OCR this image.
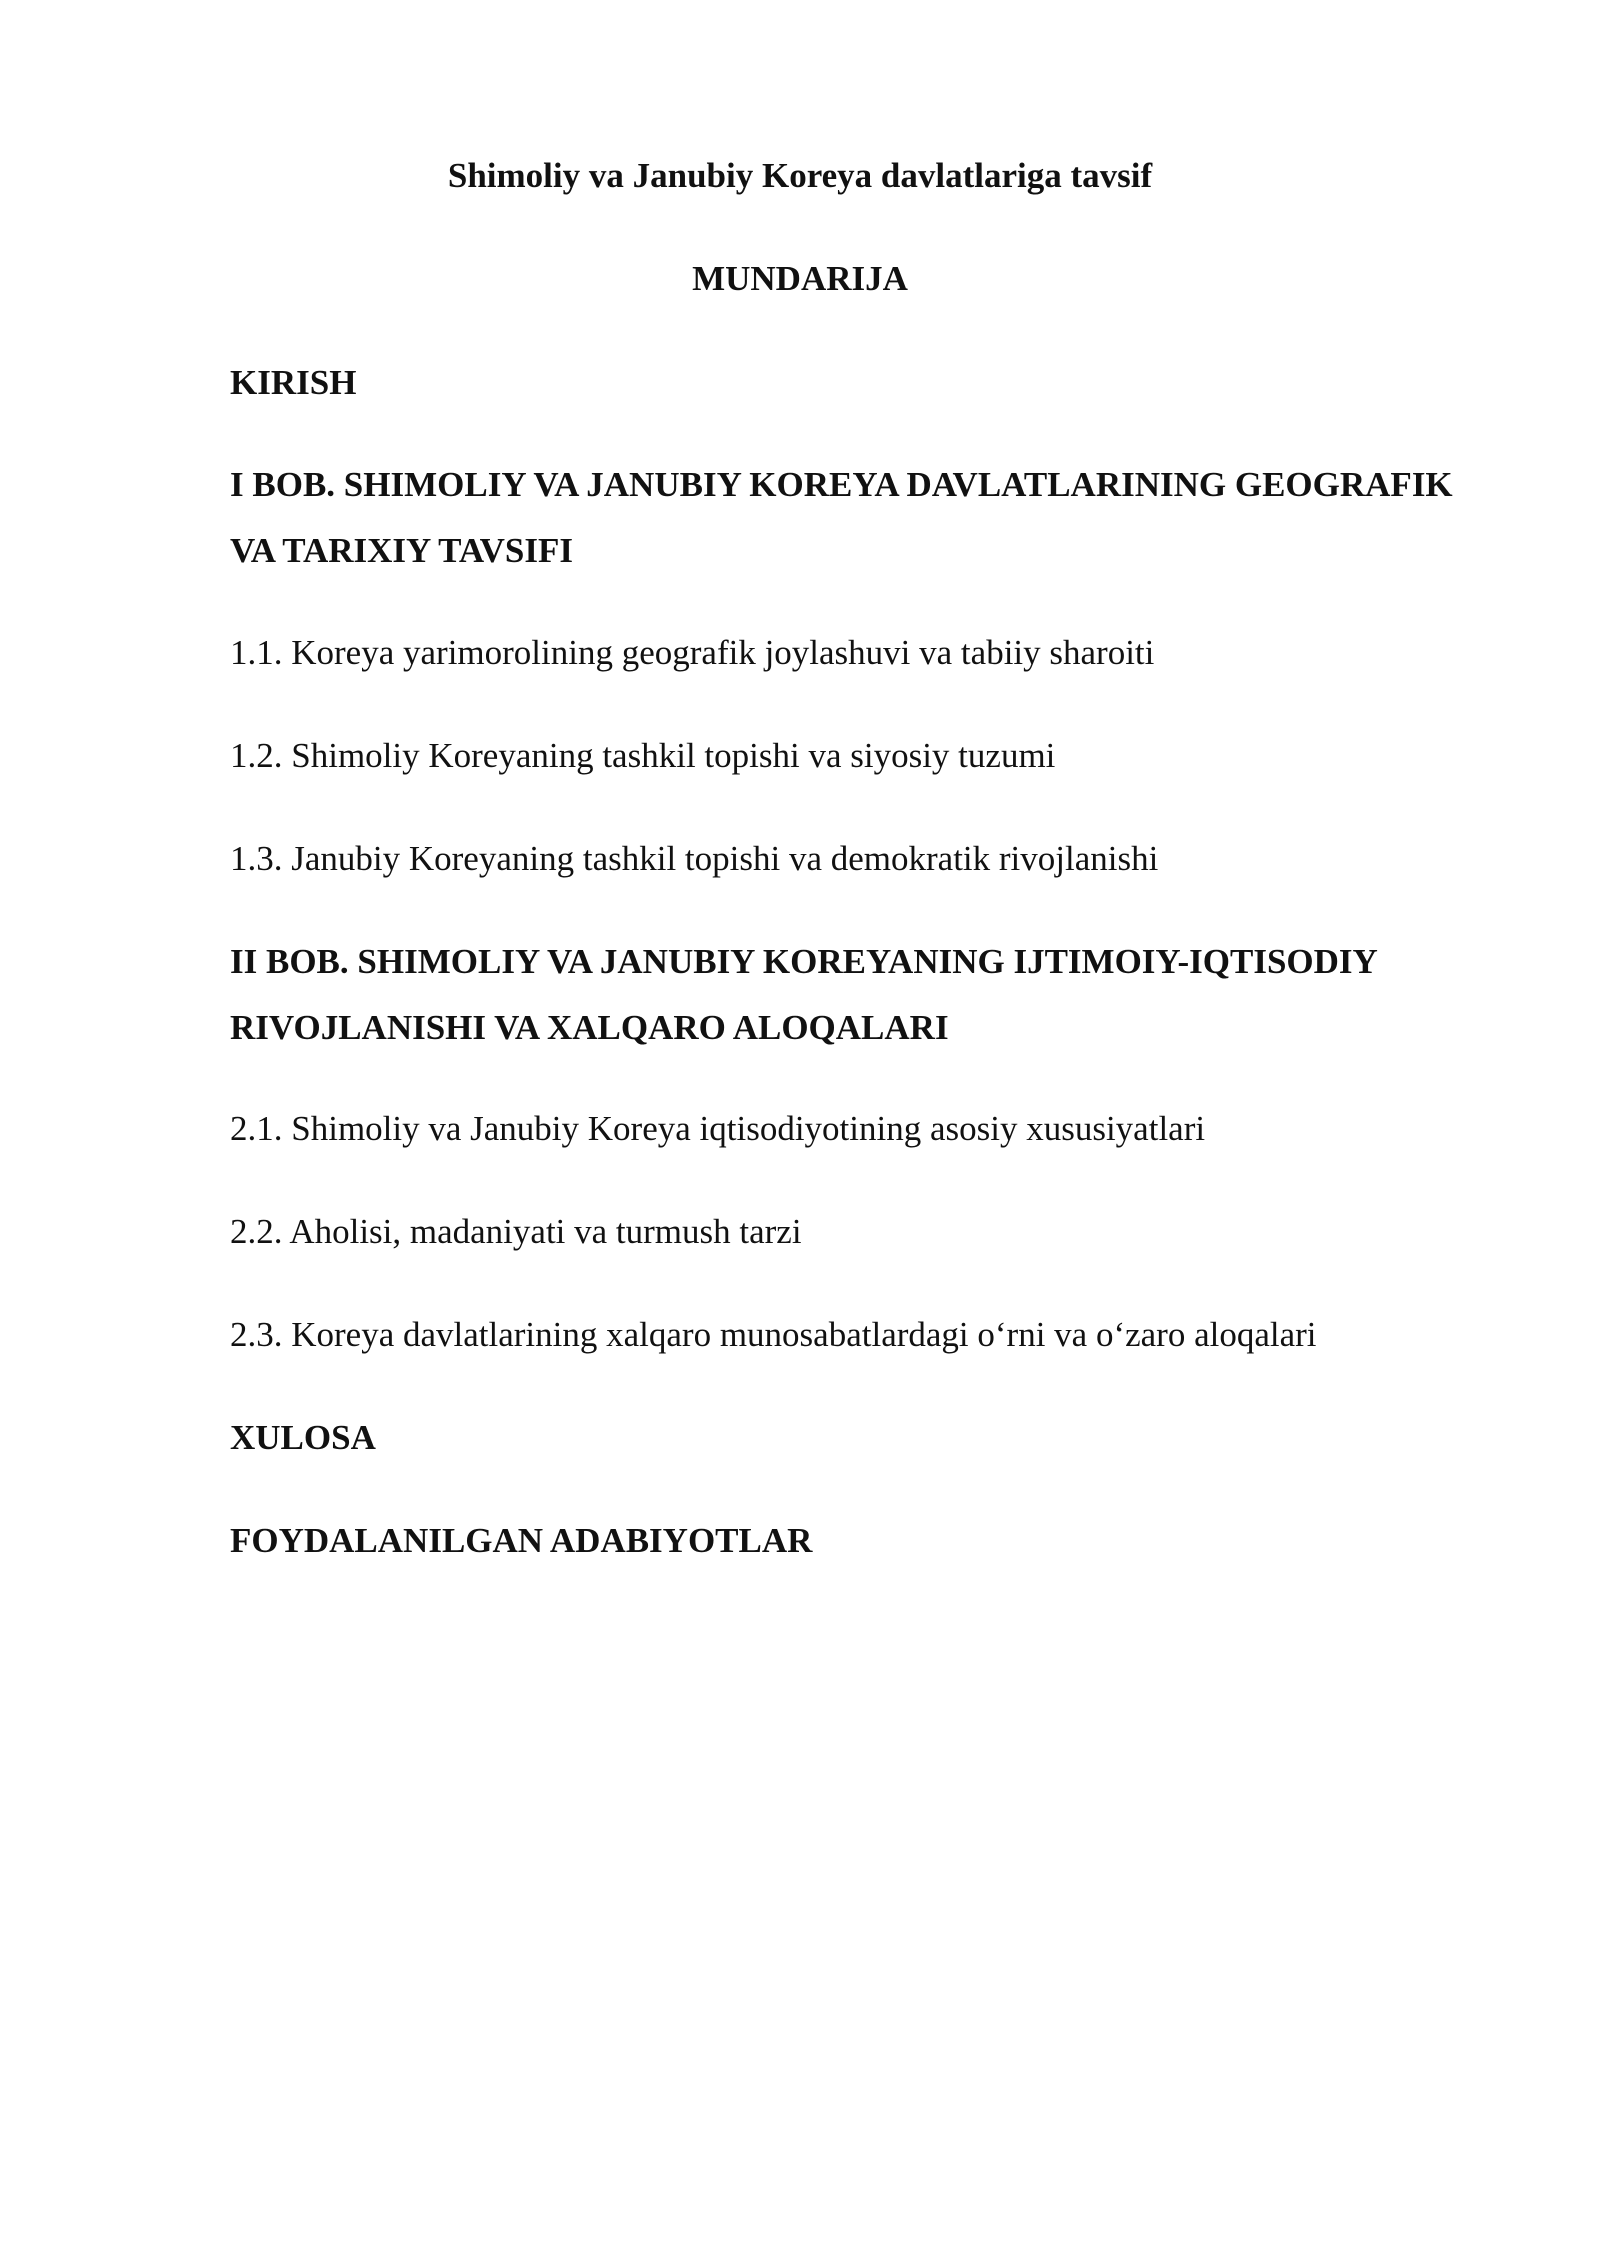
Shimoliy va Janubiy Koreya davlatlariga tavsif
MUNDARIJA

KIRISH

I BOB. SHIMOLIY VA JANUBIY KOREYA DAVLATLARINING GEOGRAFIK VA TARIXIY TAVSIFI

1.1. Koreya yarimorolining geografik joylashuvi va tabiiy sharoiti

1.2. Shimoliy Koreyaning tashkil topishi va siyosiy tuzumi

1.3. Janubiy Koreyaning tashkil topishi va demokratik rivojlanishi

II BOB. SHIMOLIY VA JANUBIY KOREYANING IJTIMOIY-IQTISODIY RIVOJLANISHI VA XALQARO ALOQALARI

2.1. Shimoliy va Janubiy Koreya iqtisodiyotining asosiy xususiyatlari

2.2. Aholisi, madaniyati va turmush tarzi

2.3. Koreya davlatlarining xalqaro munosabatlardagi o‘rni va o‘zaro aloqalari

XULOSA

FOYDALANILGAN ADABIYOTLAR
